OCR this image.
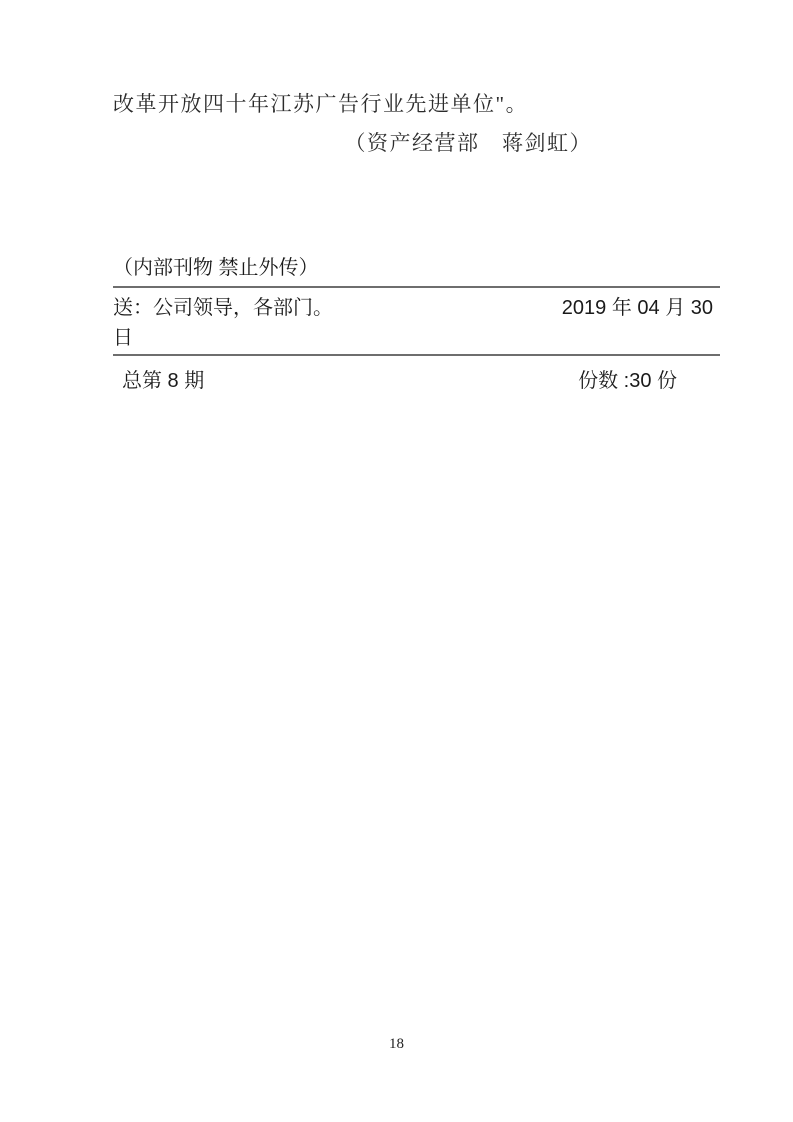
改革开放四十年江苏广告行业先进单位"。

（资产经营部　蒋剑虹）

（内部刊物 禁止外传）

送：公司领导，各部门。	2019 年 04 月 30
日
总第 8 期	份数 :30 份
18
